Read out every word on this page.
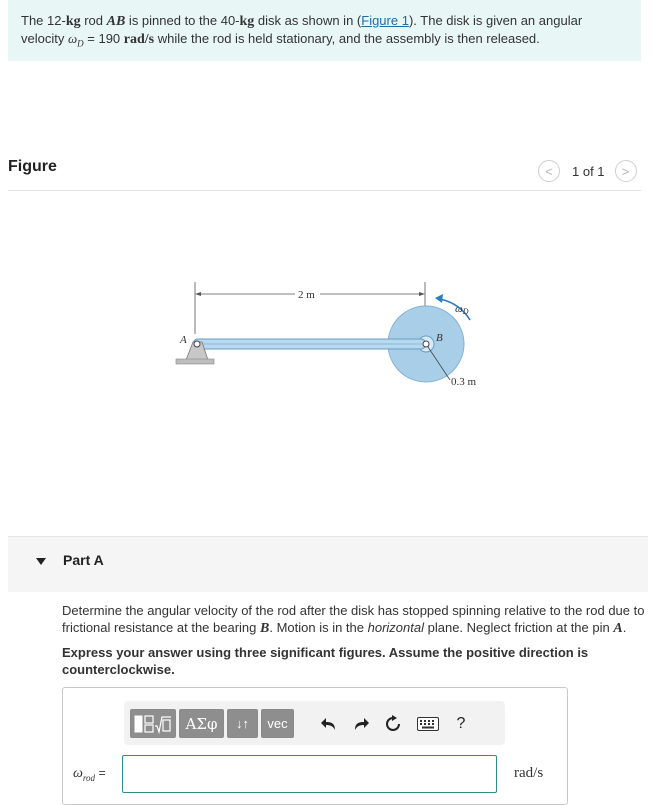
The 12-kg rod AB is pinned to the 40-kg disk as shown in (Figure 1). The disk is given an angular velocity $\omega_D = 190$ rad/s while the rod is held stationary, and the assembly is then released.
Figure	< 1 of 1 >
2 m
0.3 m
A	B
ωD
Part A
Determine the angular velocity of the rod after the disk has stopped spinning relative to the rod due to frictional resistance at the bearing B. Motion is in the horizontal plane. Neglect friction at the pin A.
Express your answer using three significant figures. Assume the positive direction is counterclockwise.
ΑΣφ	↓↑	vec	?
$\omega_{rod}$ =	rad/s
